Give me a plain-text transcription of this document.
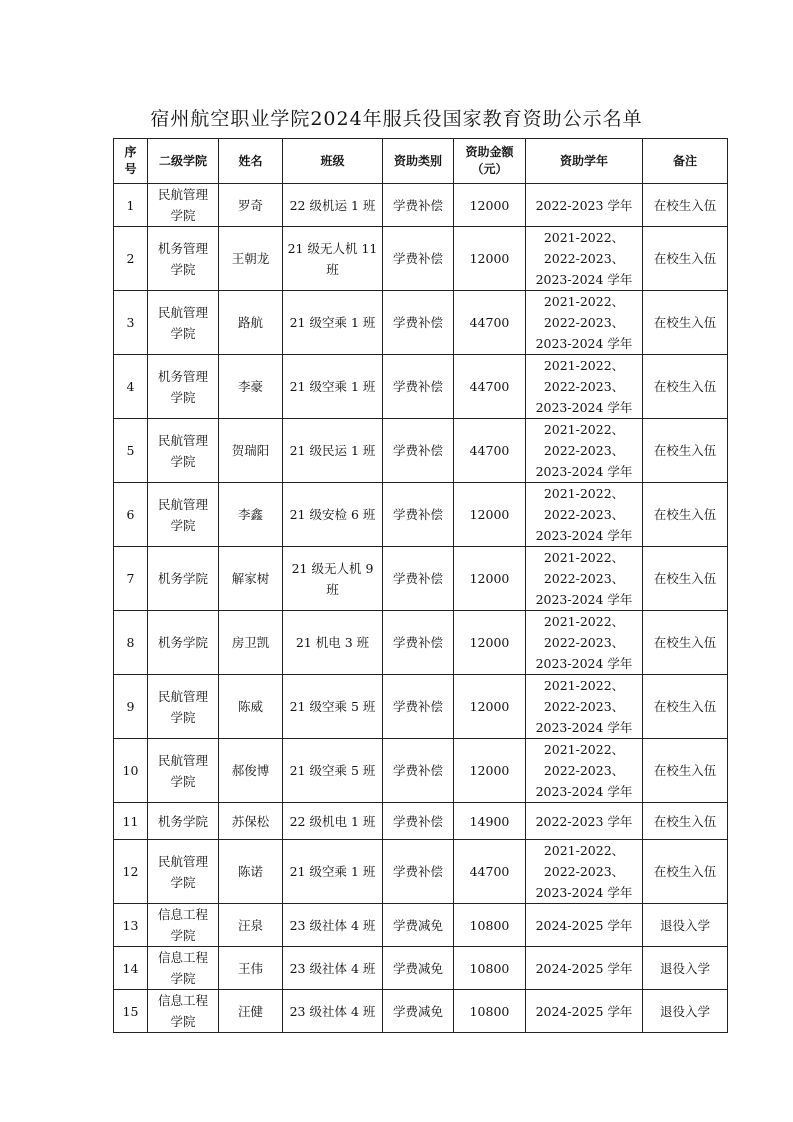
宿州航空职业学院2024年服兵役国家教育资助公示名单
序
号	二级学院	姓名	班级	资助类别	资助金额
（元）	资助学年	备注
1	民航管理
学院	罗奇	22 级机运 1 班	学费补偿	12000	2022-2023 学年	在校生入伍
2	机务管理
学院	王朝龙	21 级无人机 11
班	学费补偿	12000	2021-2022、
2022-2023、
2023-2024 学年	在校生入伍
3	民航管理
学院	路航	21 级空乘 1 班	学费补偿	44700	2021-2022、
2022-2023、
2023-2024 学年	在校生入伍
4	机务管理
学院	李豪	21 级空乘 1 班	学费补偿	44700	2021-2022、
2022-2023、
2023-2024 学年	在校生入伍
5	民航管理
学院	贺瑞阳	21 级民运 1 班	学费补偿	44700	2021-2022、
2022-2023、
2023-2024 学年	在校生入伍
6	民航管理
学院	李鑫	21 级安检 6 班	学费补偿	12000	2021-2022、
2022-2023、
2023-2024 学年	在校生入伍
7	机务学院	解家树	21 级无人机 9
班	学费补偿	12000	2021-2022、
2022-2023、
2023-2024 学年	在校生入伍
8	机务学院	房卫凯	21 机电 3 班	学费补偿	12000	2021-2022、
2022-2023、
2023-2024 学年	在校生入伍
9	民航管理
学院	陈威	21 级空乘 5 班	学费补偿	12000	2021-2022、
2022-2023、
2023-2024 学年	在校生入伍
10	民航管理
学院	郝俊博	21 级空乘 5 班	学费补偿	12000	2021-2022、
2022-2023、
2023-2024 学年	在校生入伍
11	机务学院	苏保松	22 级机电 1 班	学费补偿	14900	2022-2023 学年	在校生入伍
12	民航管理
学院	陈诺	21 级空乘 1 班	学费补偿	44700	2021-2022、
2022-2023、
2023-2024 学年	在校生入伍
13	信息工程
学院	汪泉	23 级社体 4 班	学费减免	10800	2024-2025 学年	退役入学
14	信息工程
学院	王伟	23 级社体 4 班	学费减免	10800	2024-2025 学年	退役入学
15	信息工程
学院	汪健	23 级社体 4 班	学费减免	10800	2024-2025 学年	退役入学
